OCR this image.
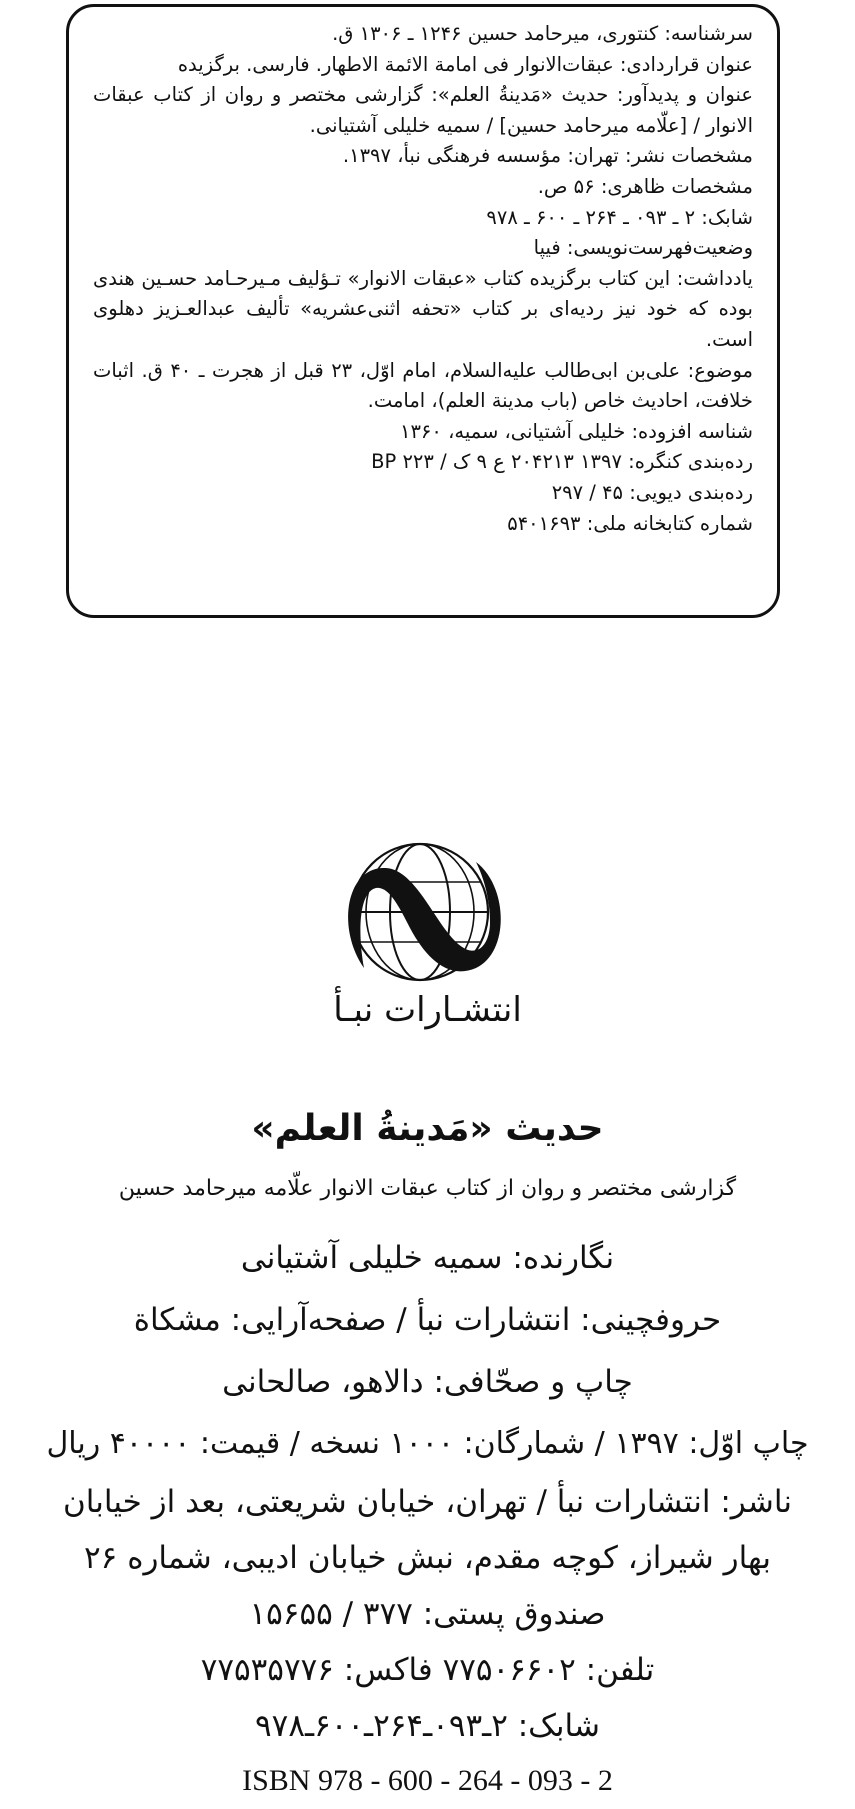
سرشناسه: کنتوری، میرحامد حسین ۱۲۴۶ ـ ۱۳۰۶ ق.

عنوان قراردادی: عبقات‌الانوار فی امامة الائمة الاطهار. فارسی. برگزیده

عنوان و پدیدآور: حدیث «مَدینةُ العلم»: گزارشی مختصر و روان از کتاب عبقات الانوار / [علّامه میرحامد حسین] / سمیه خلیلی آشتیانی.

مشخصات نشر: تهران: مؤسسه فرهنگی نبأ، ۱۳۹۷.

مشخصات ظاهری: ۵۶ ص.

شابک: ۲ ـ ۰۹۳ ـ ۲۶۴ ـ ۶۰۰ ـ ۹۷۸

وضعیت‌فهرست‌نویسی: فیپا

یادداشت: این کتاب برگزیده کتاب «عبقات الانوار» تـؤلیف مـیرحـامد حسـین هندی بوده که خود نیز ردیه‌ای بر کتاب «تحفه اثنی‌عشریه» تألیف عبدالعـزیز دهلوی است.

موضوع: علی‌بن ابی‌طالب علیه‌السلام، امام اوّل، ۲۳ قبل از هجرت ـ ۴۰ ق. اثبات خلافت، احادیث خاص (باب مدینة العلم)، امامت.

شناسه افزوده: خلیلی آشتیانی، سمیه، ۱۳۶۰

رده‌بندی کنگره: ۱۳۹۷ ۲۰۴۲۱۳ ع ۹ ک / BP ۲۲۳

رده‌بندی دیویی: ۴۵ / ۲۹۷

شماره کتابخانه ملی: ۵۴۰۱۶۹۳

انتشـارات نبـأ
حدیث «مَدینةُ العلم»
گزارشی مختصر و روان از کتاب عبقات الانوار علّامه میرحامد حسین
نگارنده: سمیه خلیلی آشتیانی
حروفچینی: انتشارات نبأ / صفحه‌آرایی: مشکاة
چاپ و صحّافی: دالاهو، صالحانی
چاپ اوّل: ۱۳۹۷ / شمارگان: ۱۰۰۰ نسخه / قیمت: ۴۰۰۰۰ ریال
ناشر: انتشارات نبأ / تهران، خیابان شریعتی، بعد از خیابان
بهار شیراز، کوچه مقدم، نبش خیابان ادیبی، شماره ۲۶
صندوق پستی: ۳۷۷ / ۱۵۶۵۵
تلفن: ۷۷۵۰۶۶۰۲ فاکس: ۷۷۵۳۵۷۷۶
شابک: ۲ـ۰۹۳ـ۲۶۴ـ۶۰۰ـ۹۷۸
ISBN 978 - 600 - 264 - 093 - 2
